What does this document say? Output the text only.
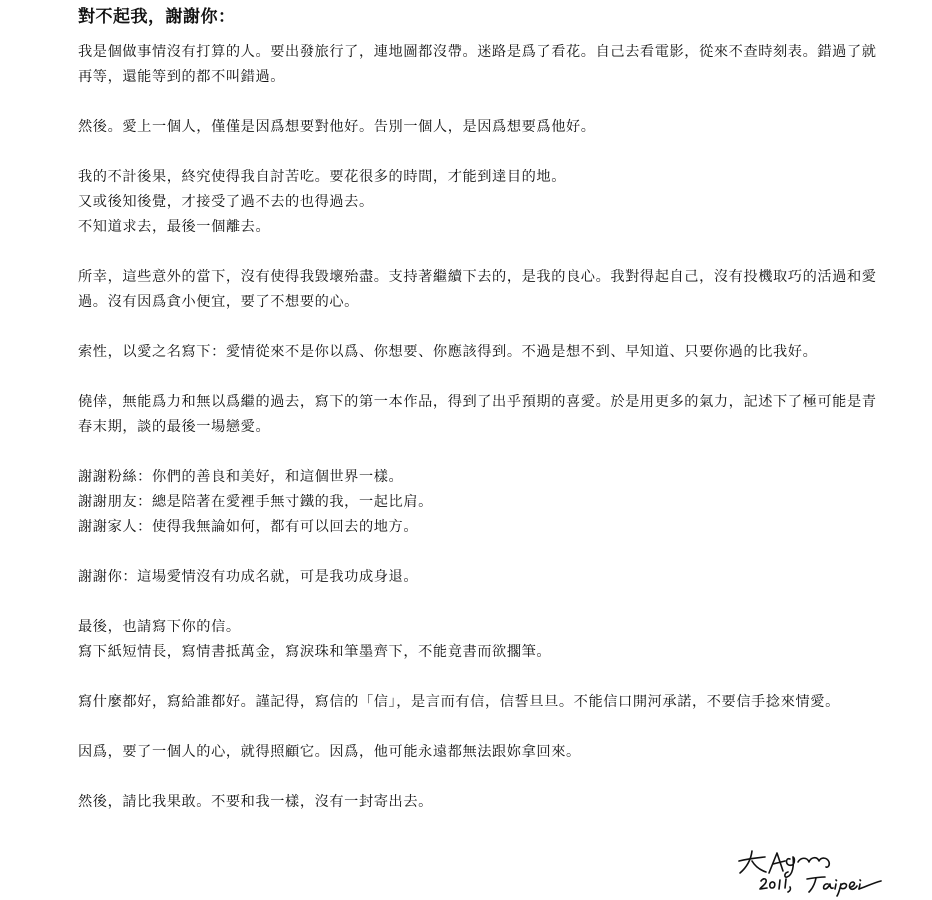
對不起我，謝謝你：
我是個做事情沒有打算的人。要出發旅行了，連地圖都沒帶。迷路是爲了看花。自己去看電影，從來不查時刻表。錯過了就
再等，還能等到的都不叫錯過。
然後。愛上一個人，僅僅是因爲想要對他好。告別一個人，是因爲想要爲他好。
我的不計後果，終究使得我自討苦吃。要花很多的時間，才能到達目的地。
又或後知後覺，才接受了過不去的也得過去。
不知道求去，最後一個離去。
所幸，這些意外的當下，沒有使得我毀壞殆盡。支持著繼續下去的，是我的良心。我對得起自己，沒有投機取巧的活過和愛
過。沒有因爲貪小便宜，要了不想要的心。
索性，以愛之名寫下：愛情從來不是你以爲、你想要、你應該得到。不過是想不到、早知道、只要你過的比我好。
僥倖，無能爲力和無以爲繼的過去，寫下的第一本作品，得到了出乎預期的喜愛。於是用更多的氣力，記述下了極可能是青
春末期，談的最後一場戀愛。
謝謝粉絲：你們的善良和美好，和這個世界一樣。
謝謝朋友：總是陪著在愛裡手無寸鐵的我，一起比肩。
謝謝家人：使得我無論如何，都有可以回去的地方。
謝謝你：這場愛情沒有功成名就，可是我功成身退。
最後，也請寫下你的信。
寫下紙短情長，寫情書抵萬金，寫淚珠和筆墨齊下，不能竟書而欲擱筆。
寫什麼都好，寫給誰都好。謹記得，寫信的「信」，是言而有信，信誓旦旦。不能信口開河承諾，不要信手捻來情愛。
因爲，要了一個人的心，就得照顧它。因爲，他可能永遠都無法跟妳拿回來。
然後，請比我果敢。不要和我一樣，沒有一封寄出去。
